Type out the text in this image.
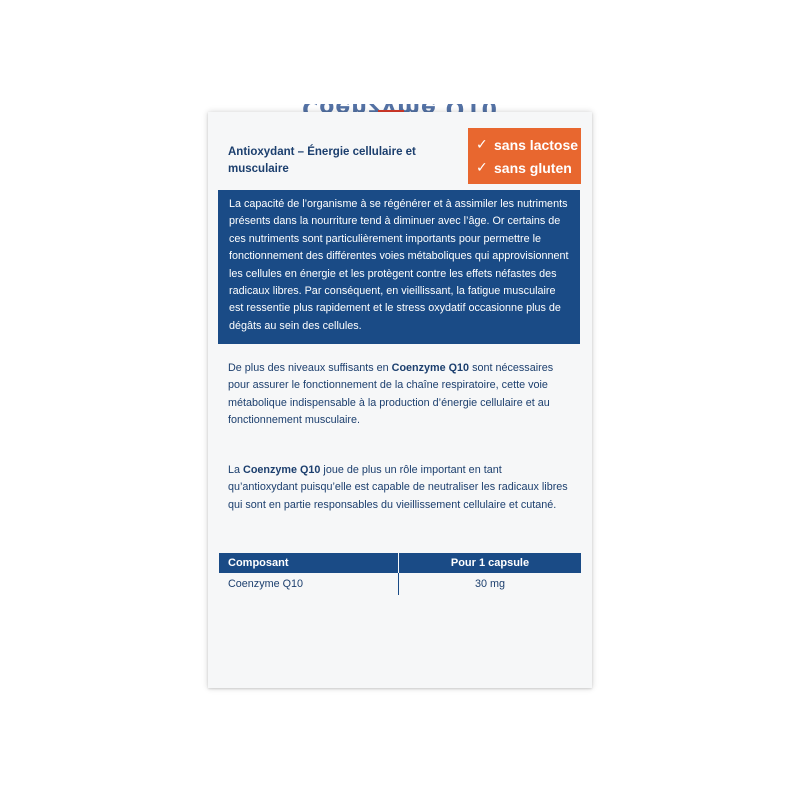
Antioxydant – Énergie cellulaire et musculaire
✓ sans lactose
✓ sans gluten
La capacité de l’organisme à se régénérer et à assimiler les nutriments présents dans la nourriture tend à diminuer avec l’âge. Or certains de ces nutriments sont particulièrement importants pour permettre le fonctionnement des différentes voies métaboliques qui approvisionnent les cellules en énergie et les protègent contre les effets néfastes des radicaux libres. Par conséquent, en vieillissant, la fatigue musculaire est ressentie plus rapidement et le stress oxydatif occasionne plus de dégâts au sein des cellules.
De plus des niveaux suffisants en Coenzyme Q10 sont nécessaires pour assurer le fonctionnement de la chaîne respiratoire, cette voie métabolique indispensable à la production d’énergie cellulaire et au fonctionnement musculaire.
La Coenzyme Q10 joue de plus un rôle important en tant qu’antioxydant puisqu’elle est capable de neutraliser les radicaux libres qui sont en partie responsables du vieillissement cellulaire et cutané.
Composant	Pour 1 capsule
Coenzyme Q10	30 mg
